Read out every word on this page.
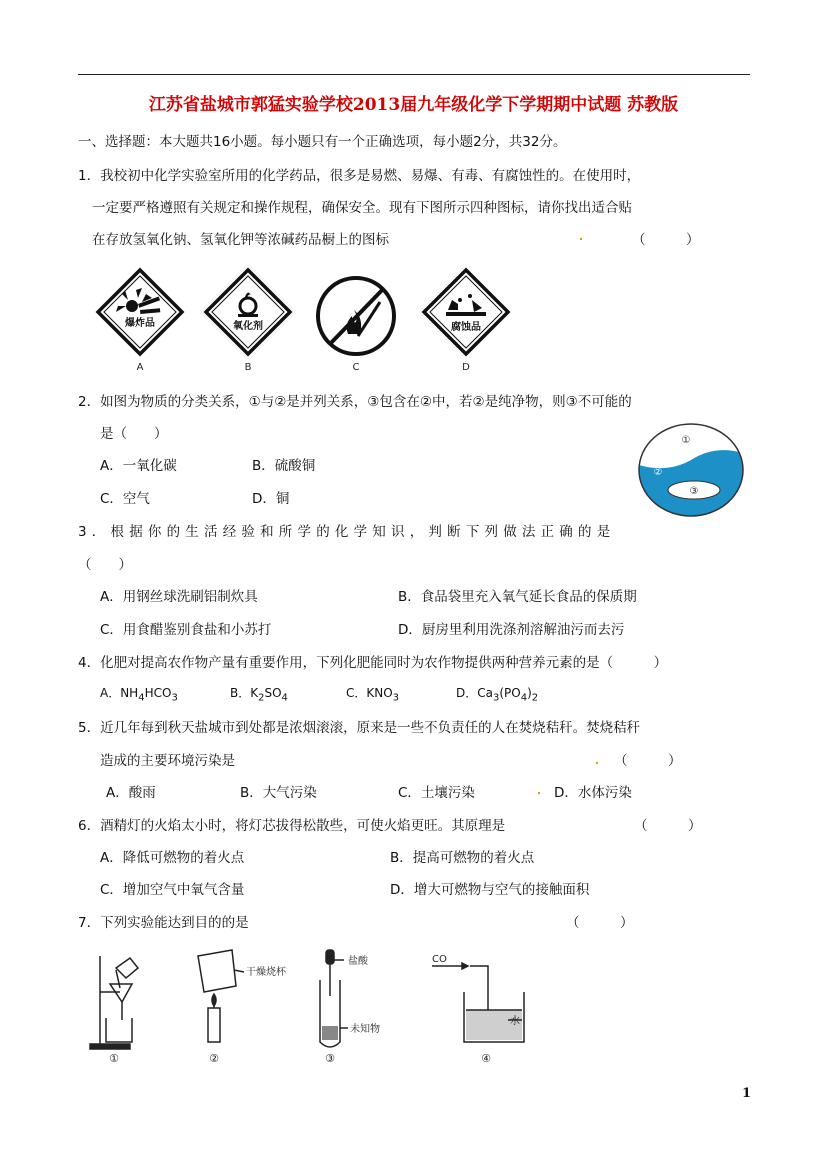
江苏省盐城市郭猛实验学校2013届九年级化学下学期期中试题 苏教版
一、选择题：本大题共16小题。每小题只有一个正确选项，每小题2分，共32分。
1．我校初中化学实验室所用的化学药品，很多是易燃、易爆、有毒、有腐蚀性的。在使用时，
一定要严格遵照有关规定和操作规程，确保安全。现有下图所示四种图标，请你找出适合贴
在存放氢氧化钠、氢氧化钾等浓碱药品橱上的图标	（　　　）
爆炸品
A
氧化剂
B	C
腐蚀品
D
2．如图为物质的分类关系，①与②是并列关系，③包含在②中，若②是纯净物，则③不可能的
是（　　）
A．一氧化碳	B．硫酸铜
C．空气	D．铜
①
②
③
3．根据你的生活经验和所学的化学知识，判断下列做法正确的是
（　　）
A．用钢丝球洗刷铝制炊具	B．食品袋里充入氧气延长食品的保质期
C．用食醋鉴别食盐和小苏打	D．厨房里利用洗涤剂溶解油污而去污
4．化肥对提高农作物产量有重要作用，下列化肥能同时为农作物提供两种营养元素的是（　　　）
A．$NH_4HCO_3$	B．$K_2SO_4$	C．$KNO_3$	D．$Ca_3(PO_4)_2$
5．近几年每到秋天盐城市到处都是浓烟滚滚，原来是一些不负责任的人在焚烧秸秆。焚烧秸秆
造成的主要环境污染是	（　　　）
A．酸雨	B．大气污染	C．土壤污染	D．水体污染
6．酒精灯的火焰太小时，将灯芯拔得松散些，可使火焰更旺。其原理是	（　　　）
A．降低可燃物的着火点	B．提高可燃物的着火点
C．增加空气中氧气含量	D．增大可燃物与空气的接触面积
7．下列实验能达到目的的是	（　　　）
①
干燥烧杯
②
盐酸
未知物
③
CO
水
④
1
